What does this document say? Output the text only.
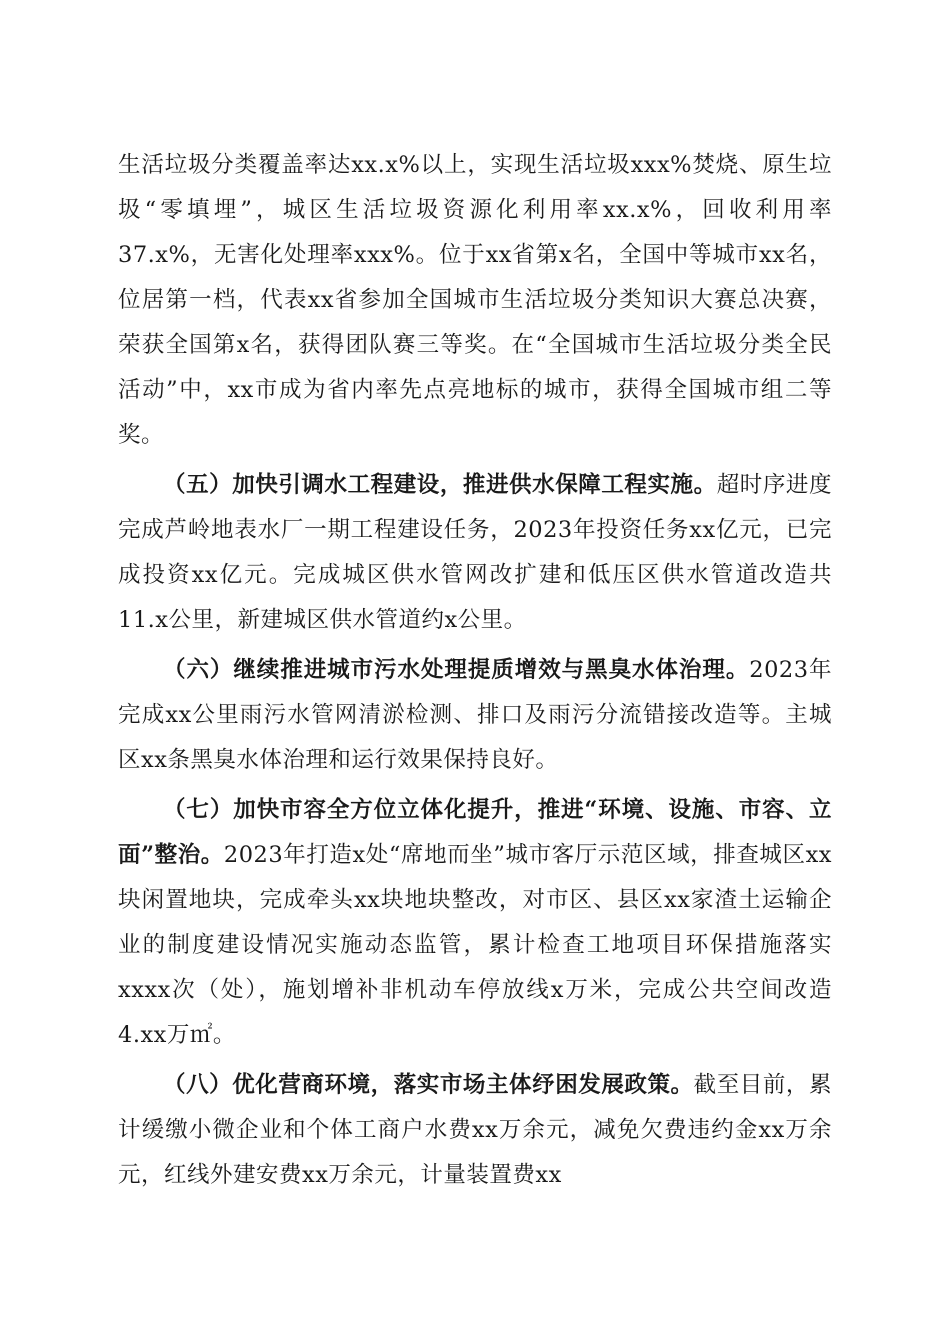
生活垃圾分类覆盖率达xx.x%以上，实现生活垃圾xxx%焚烧、原生垃圾“零填埋”，城区生活垃圾资源化利用率xx.x%，回收利用率37.x%，无害化处理率xxx%。位于xx省第x名，全国中等城市xx名，位居第一档，代表xx省参加全国城市生活垃圾分类知识大赛总决赛，荣获全国第x名，获得团队赛三等奖。在“全国城市生活垃圾分类全民活动”中，xx市成为省内率先点亮地标的城市，获得全国城市组二等奖。

（五）加快引调水工程建设，推进供水保障工程实施。超时序进度完成芦岭地表水厂一期工程建设任务，2023年投资任务xx亿元，已完成投资xx亿元。完成城区供水管网改扩建和低压区供水管道改造共11.x公里，新建城区供水管道约x公里。

（六）继续推进城市污水处理提质增效与黑臭水体治理。2023年完成xx公里雨污水管网清淤检测、排口及雨污分流错接改造等。主城区xx条黑臭水体治理和运行效果保持良好。

（七）加快市容全方位立体化提升，推进“环境、设施、市容、立面”整治。2023年打造x处“席地而坐”城市客厅示范区域，排查城区xx块闲置地块，完成牵头xx块地块整改，对市区、县区xx家渣土运输企业的制度建设情况实施动态监管，累计检查工地项目环保措施落实xxxx次（处），施划增补非机动车停放线x万米，完成公共空间改造4.xx万㎡。

（八）优化营商环境，落实市场主体纾困发展政策。截至目前，累计缓缴小微企业和个体工商户水费xx万余元，减免欠费违约金xx万余元，红线外建安费xx万余元，计量装置费xx
